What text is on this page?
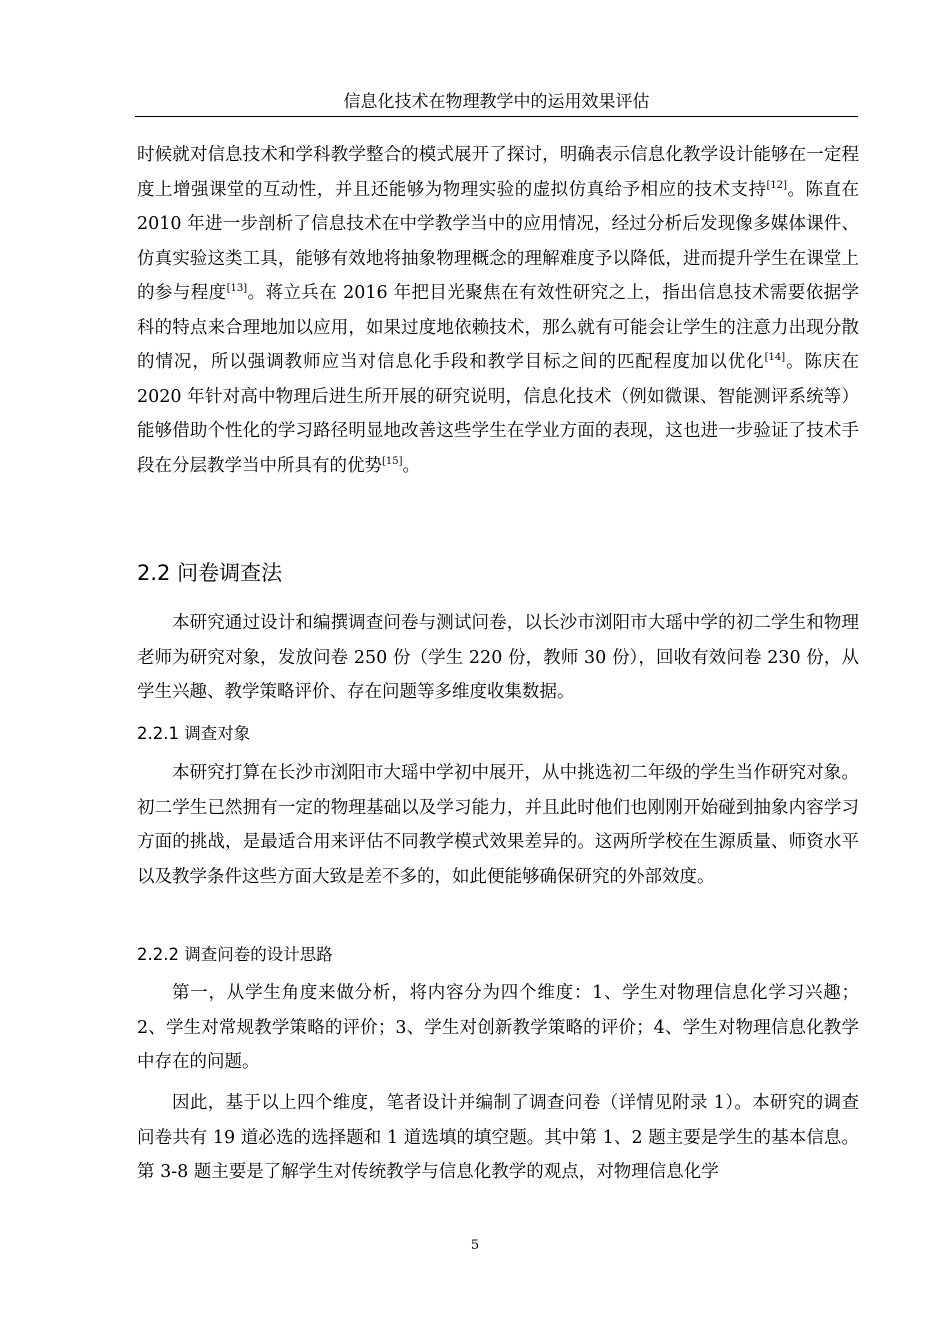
信息化技术在物理教学中的运用效果评估
时候就对信息技术和学科教学整合的模式展开了探讨，明确表示信息化教学设计能够在一定程度上增强课堂的互动性，并且还能够为物理实验的虚拟仿真给予相应的技术支持[12]。陈直在 2010 年进一步剖析了信息技术在中学教学当中的应用情况，经过分析后发现像多媒体课件、仿真实验这类工具，能够有效地将抽象物理概念的理解难度予以降低，进而提升学生在课堂上的参与程度[13]。蒋立兵在 2016 年把目光聚焦在有效性研究之上，指出信息技术需要依据学科的特点来合理地加以应用，如果过度地依赖技术，那么就有可能会让学生的注意力出现分散的情况，所以强调教师应当对信息化手段和教学目标之间的匹配程度加以优化[14]。陈庆在 2020 年针对高中物理后进生所开展的研究说明，信息化技术（例如微课、智能测评系统等）能够借助个性化的学习路径明显地改善这些学生在学业方面的表现，这也进一步验证了技术手段在分层教学当中所具有的优势[15]。
2.2 问卷调查法
本研究通过设计和编撰调查问卷与测试问卷，以长沙市浏阳市大瑶中学的初二学生和物理老师为研究对象，发放问卷 250 份（学生 220 份，教师 30 份），回收有效问卷 230 份，从学生兴趣、教学策略评价、存在问题等多维度收集数据。
2.2.1 调查对象
本研究打算在长沙市浏阳市大瑶中学初中展开，从中挑选初二年级的学生当作研究对象。初二学生已然拥有一定的物理基础以及学习能力，并且此时他们也刚刚开始碰到抽象内容学习方面的挑战，是最适合用来评估不同教学模式效果差异的。这两所学校在生源质量、师资水平以及教学条件这些方面大致是差不多的，如此便能够确保研究的外部效度。
2.2.2 调查问卷的设计思路
第一，从学生角度来做分析，将内容分为四个维度：1、学生对物理信息化学习兴趣；2、学生对常规教学策略的评价；3、学生对创新教学策略的评价；4、学生对物理信息化教学中存在的问题。
因此，基于以上四个维度，笔者设计并编制了调查问卷（详情见附录 1）。本研究的调查问卷共有 19 道必选的选择题和 1 道选填的填空题。其中第 1、2 题主要是学生的基本信息。第 3-8 题主要是了解学生对传统教学与信息化教学的观点，对物理信息化学
5
